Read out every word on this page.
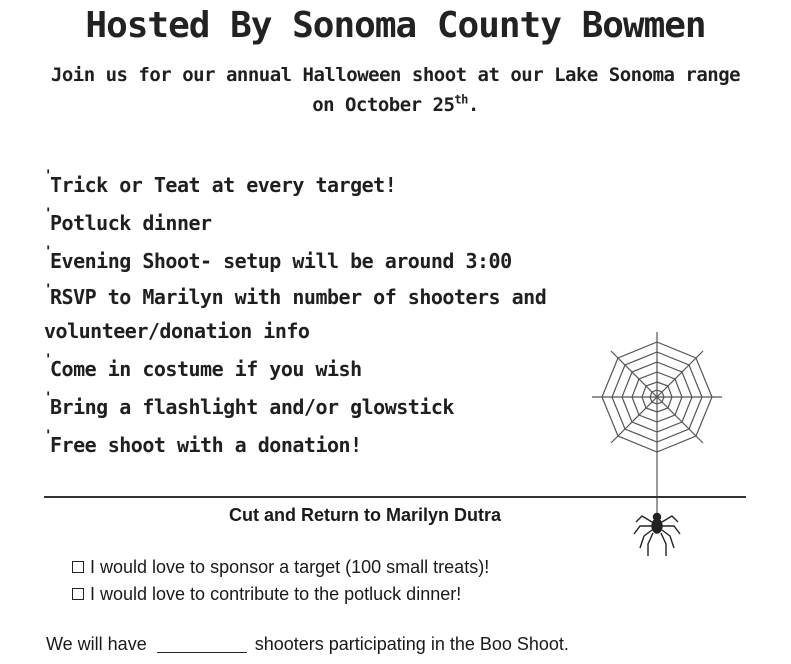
Hosted By Sonoma County Bowmen
Join us for our annual Halloween shoot at our Lake Sonoma range
on October 25th.
'Trick or Teat at every target!
'Potluck dinner
'Evening Shoot- setup will be around 3:00
'RSVP to Marilyn with number of shooters and volunteer/donation info
'Come in costume if you wish
'Bring a flashlight and/or glowstick
'Free shoot with a donation!
Cut and Return to Marilyn Dutra
I would love to sponsor a target (100 small treats)!
I would love to contribute to the potluck dinner!
We will have	shooters participating in the Boo Shoot.
